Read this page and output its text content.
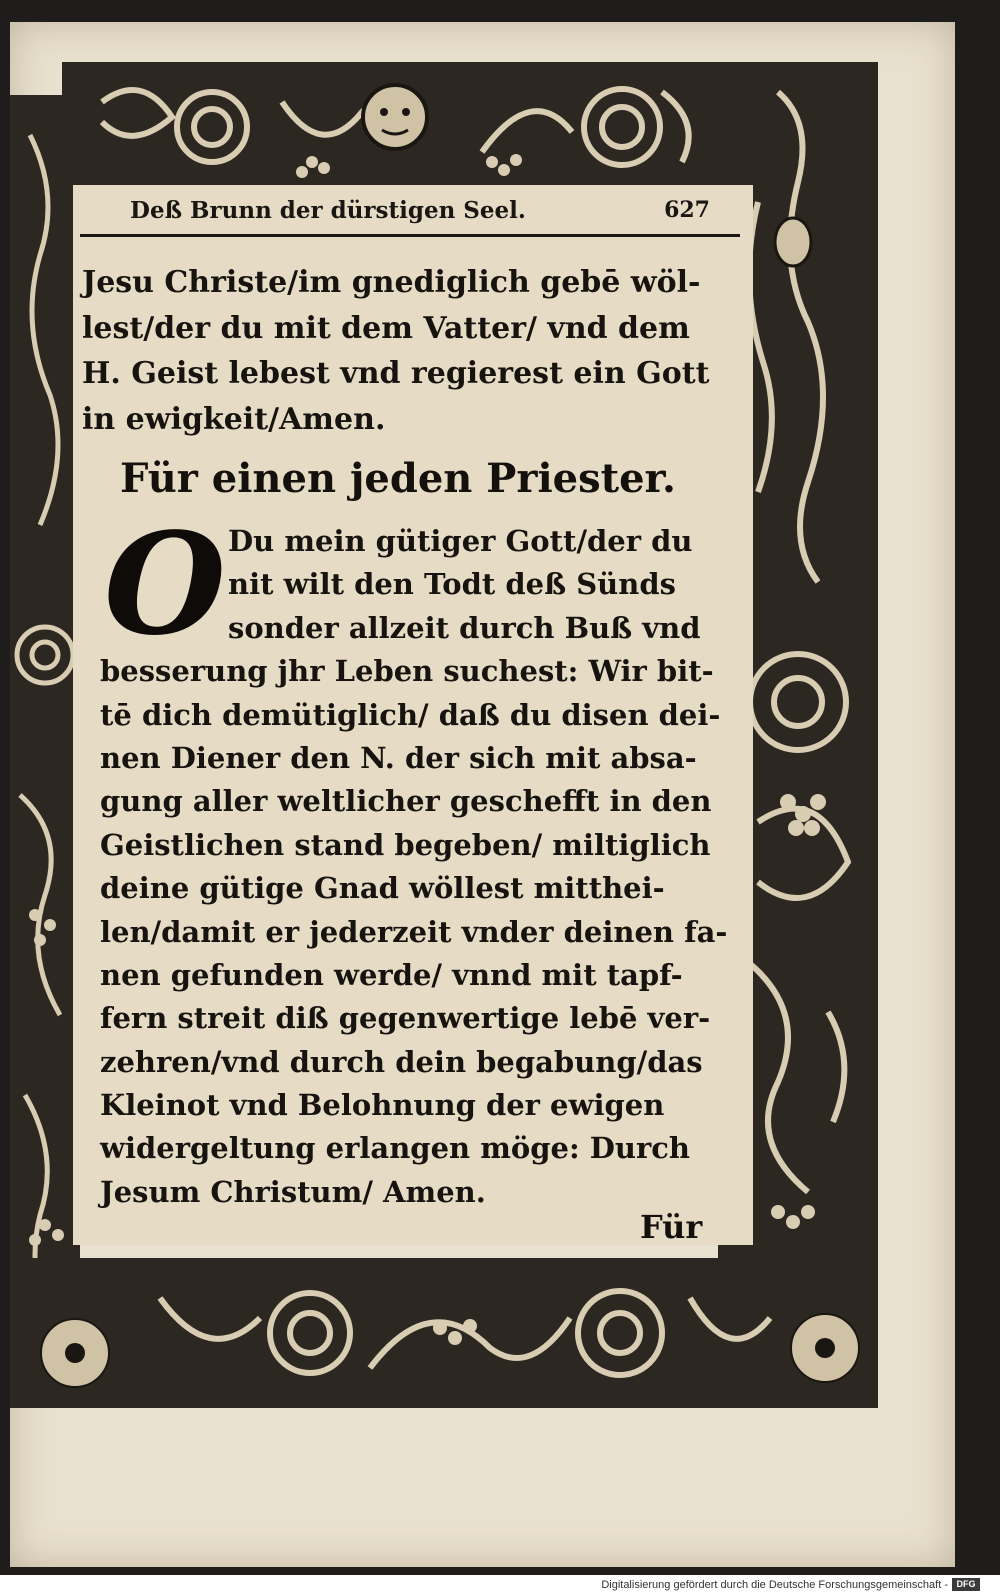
Deß Brunn der dürstigen Seel.	627
Jesu Christe/im gnediglich gebē wöl-
lest/der du mit dem Vatter/ vnd dem
H. Geist lebest vnd regierest ein Gott
in ewigkeit/Amen.
Für einen jeden Priester.
O Du mein gütiger Gott/der du
nit wilt den Todt deß Sünds
sonder allzeit durch Buß vnd
besserung jhr Leben suchest: Wir bit-
tē dich demütiglich/ daß du disen dei-
nen Diener den N. der sich mit absa-
gung aller weltlicher geschefft in den
Geistlichen stand begeben/ miltiglich
deine gütige Gnad wöllest mitthei-
len/damit er jederzeit vnder deinen fa-
nen gefunden werde/ vnnd mit tapf-
fern streit diß gegenwertige lebē ver-
zehren/vnd durch dein begabung/das
Kleinot vnd Belohnung der ewigen
widergeltung erlangen möge: Durch
Jesum Christum/ Amen.
Für
Digitalisierung gefördert durch die Deutsche Forschungsgemeinschaft - DFG
